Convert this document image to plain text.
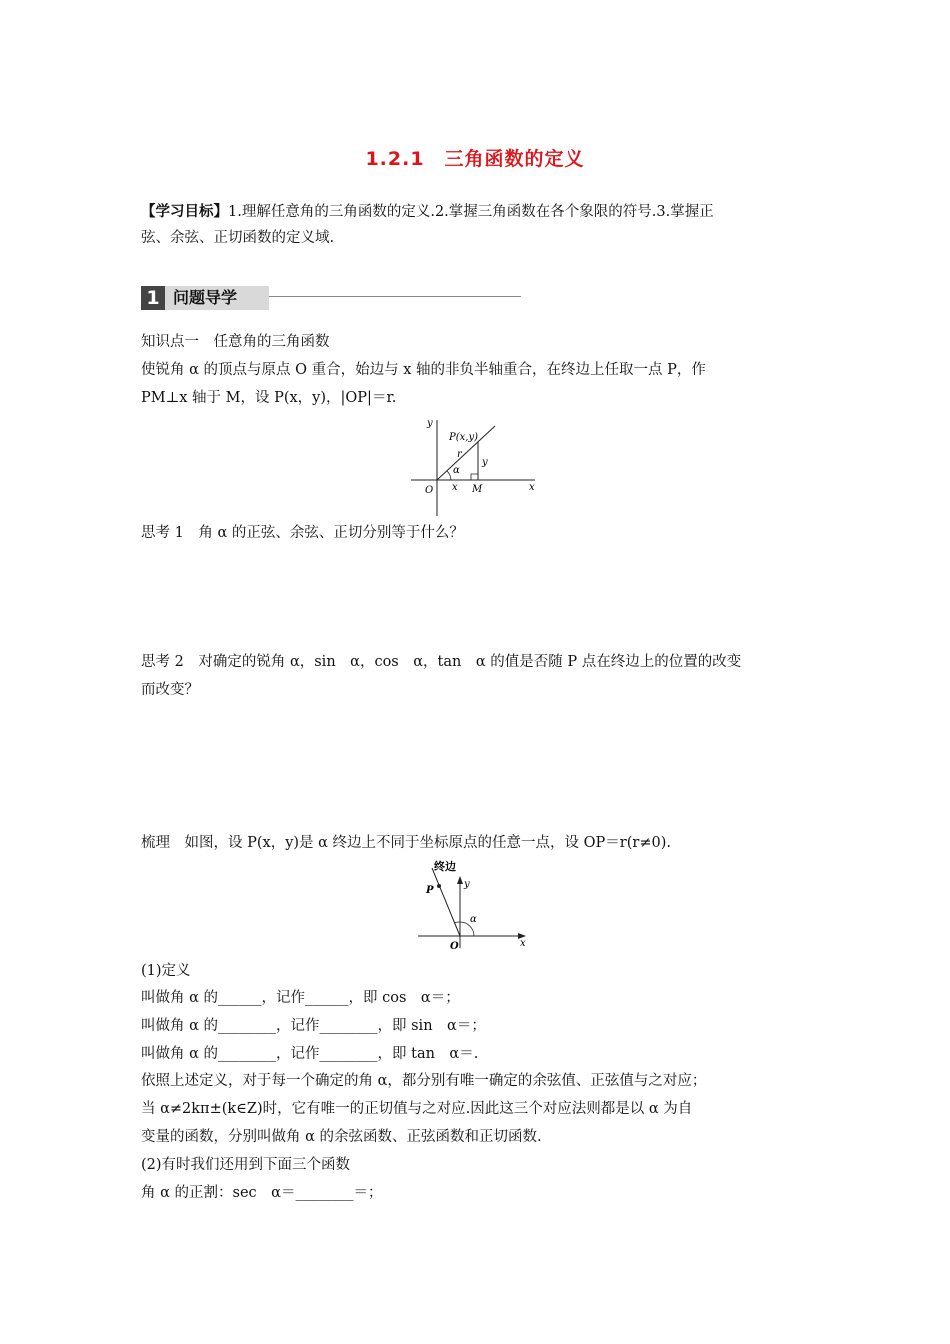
1.2.1　三角函数的定义
【学习目标】1.理解任意角的三角函数的定义.2.掌握三角函数在各个象限的符号.3.掌握正
弦、余弦、正切函数的定义域.
1 问题导学
知识点一　任意角的三角函数
使锐角 α 的顶点与原点 O 重合，始边与 x 轴的非负半轴重合，在终边上任取一点 P，作
PM⊥x 轴于 M，设 P(x，y)，|OP|＝r.
y
x
O
P(x,y)
r
α
x
y
M
思考 1　角 α 的正弦、余弦、正切分别等于什么？
思考 2　对确定的锐角 α，sin　α，cos　α，tan　α 的值是否随 P 点在终边上的位置的改变
而改变？
梳理　如图，设 P(x，y)是 α 终边上不同于坐标原点的任意一点，设 OP＝r(r≠0).
终边
P
y
x
O
α
(1)定义
叫做角 α 的______，记作______，即 cos　α＝；
叫做角 α 的________，记作________，即 sin　α＝；
叫做角 α 的________，记作________，即 tan　α＝.
依照上述定义，对于每一个确定的角 α，都分别有唯一确定的余弦值、正弦值与之对应；
当 α≠2kπ±(k∈Z)时，它有唯一的正切值与之对应.因此这三个对应法则都是以 α 为自
变量的函数，分别叫做角 α 的余弦函数、正弦函数和正切函数.
(2)有时我们还用到下面三个函数
角 α 的正割：sec　α＝________＝；
